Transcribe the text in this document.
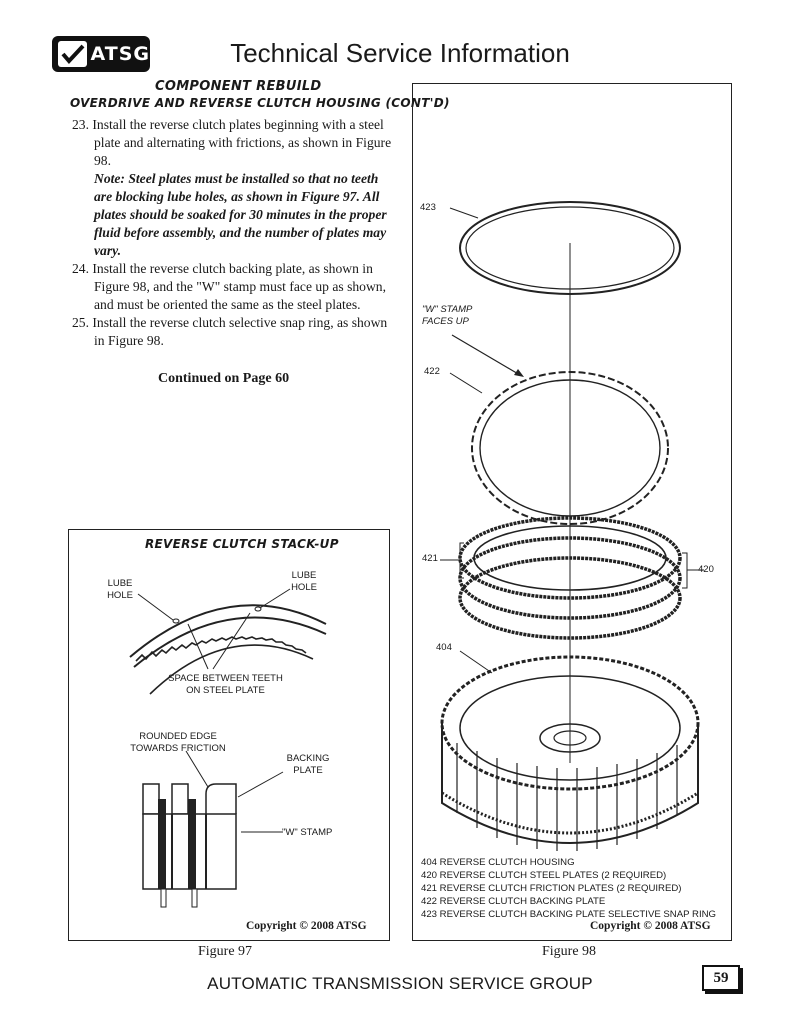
ATSG	Technical Service Information
COMPONENT REBUILD
OVERDRIVE AND REVERSE CLUTCH HOUSING (CONT'D)
23. Install the reverse clutch plates beginning with a steel plate and alternating with frictions, as shown in Figure 98.
Note: Steel plates must be installed so that no teeth are blocking lube holes, as shown in Figure 97. All plates should be soaked for 30 minutes in the proper fluid before assembly, and the number of plates may vary.
24. Install the reverse clutch backing plate, as shown in Figure 98, and the "W" stamp must face up as shown, and must be oriented the same as the steel plates.
25. Install the reverse clutch selective snap ring, as shown in Figure 98.
Continued on Page 60
REVERSE CLUTCH STACK-UP
LUBE HOLE
LUBE HOLE
SPACE BETWEEN TEETH ON STEEL PLATE
ROUNDED EDGE TOWARDS FRICTION
BACKING PLATE
"W" STAMP
Copyright © 2008 ATSG
Figure 97
423
"W" STAMP FACES UP
422
421
420
404
404 REVERSE CLUTCH HOUSING
420 REVERSE CLUTCH STEEL PLATES (2 REQUIRED)
421 REVERSE CLUTCH FRICTION PLATES (2 REQUIRED)
422 REVERSE CLUTCH BACKING PLATE
423 REVERSE CLUTCH BACKING PLATE SELECTIVE SNAP RING
Copyright © 2008 ATSG
Figure 98
AUTOMATIC TRANSMISSION SERVICE GROUP	59
